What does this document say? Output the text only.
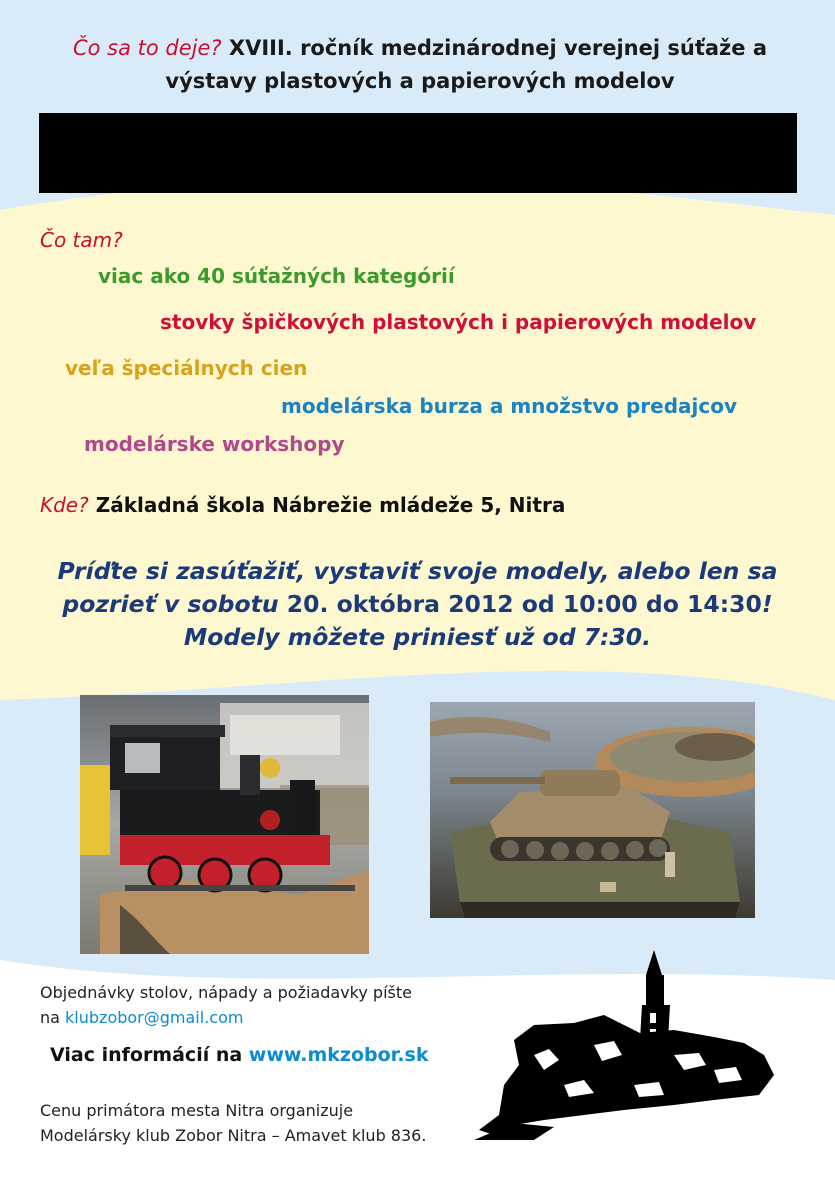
Čo sa to deje? XVIII. ročník medzinárodnej verejnej súťaže a
výstavy plastových a papierových modelov
Čo tam?
viac ako 40 súťažných kategórií
stovky špičkových plastových i papierových modelov
veľa špeciálnych cien
modelárska burza a množstvo predajcov
modelárske workshopy
Kde? Základná škola Nábrežie mládeže 5, Nitra
Príďte si zasúťažiť, vystaviť svoje modely, alebo len sa
pozrieť v sobotu 20. októbra 2012 od 10:00 do 14:30!
Modely môžete priniesť už od 7:30.
Objednávky stolov, nápady a požiadavky píšte
na klubzobor@gmail.com
Viac informácií na www.mkzobor.sk
Cenu primátora mesta Nitra organizuje
Modelársky klub Zobor Nitra – Amavet klub 836.
